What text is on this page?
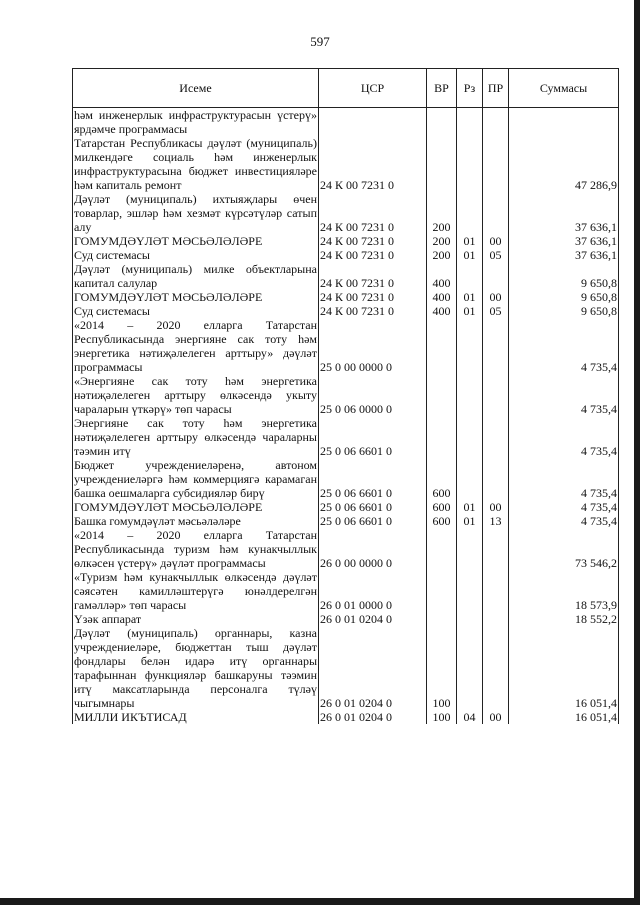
597
Исеме	ЦСР	ВР	Рз	ПР	Суммасы
һәм инженерлык инфраструктурасын үстерү» ярдәмче программасы					
Татарстан Республикасы дәүләт (муниципаль) милкендәге социаль һәм инженерлык инфраструктурасына бюджет инвестицияләре һәм капиталь ремонт	24 К 00 7231 0				47 286,9
Дәүләт (муниципаль) ихтыяҗлары өчен товарлар, эшләр һәм хезмәт күрсәтүләр сатып алу	24 К 00 7231 0	200			37 636,1
ГОМУМДӘҮЛӘТ МӘСЬӘЛӘЛӘРЕ	24 К 00 7231 0	200	01	00	37 636,1
Суд системасы	24 К 00 7231 0	200	01	05	37 636,1
Дәүләт (муниципаль) милке объектларына капитал салулар	24 К 00 7231 0	400			9 650,8
ГОМУМДӘҮЛӘТ МӘСЬӘЛӘЛӘРЕ	24 К 00 7231 0	400	01	00	9 650,8
Суд системасы	24 К 00 7231 0	400	01	05	9 650,8
«2014 – 2020 елларга Татарстан Республикасында энергияне сак тоту һәм энергетика нәтиҗәлелеген арттыру» дәүләт программасы	25 0 00 0000 0				4 735,4
«Энергияне сак тоту һәм энергетика нәтиҗәлелеген арттыру өлкәсендә укыту чараларын үткәрү» төп чарасы	25 0 06 0000 0				4 735,4
Энергияне сак тоту һәм энергетика нәтиҗәлелеген арттыру өлкәсендә чараларны тәэмин итү	25 0 06 6601 0				4 735,4
Бюджет учреждениеләренә, автоном учреждениеләргә һәм коммерциягә карамаган башка оешмаларга субсидияләр бирү	25 0 06 6601 0	600			4 735,4
ГОМУМДӘҮЛӘТ МӘСЬӘЛӘЛӘРЕ	25 0 06 6601 0	600	01	00	4 735,4
Башка гомумдәүләт мәсьәләләре	25 0 06 6601 0	600	01	13	4 735,4
«2014 – 2020 елларга Татарстан Республикасында туризм һәм кунакчыллык өлкәсен үстерү» дәүләт программасы	26 0 00 0000 0				73 546,2
«Туризм һәм кунакчыллык өлкәсендә дәүләт сәясәтен камилләштерүгә юнәлдерелгән гамәлләр» төп чарасы	26 0 01 0000 0				18 573,9
Үзәк аппарат	26 0 01 0204 0				18 552,2
Дәүләт (муниципаль) органнары, казна учреждениеләре, бюджеттан тыш дәүләт фондлары белән идарә итү органнары тарафыннан функцияләр башкаруны тәэмин итү максатларында персоналга түләү чыгымнары	26 0 01 0204 0	100			16 051,4
МИЛЛИ ИКЪТИСАД	26 0 01 0204 0	100	04	00	16 051,4
